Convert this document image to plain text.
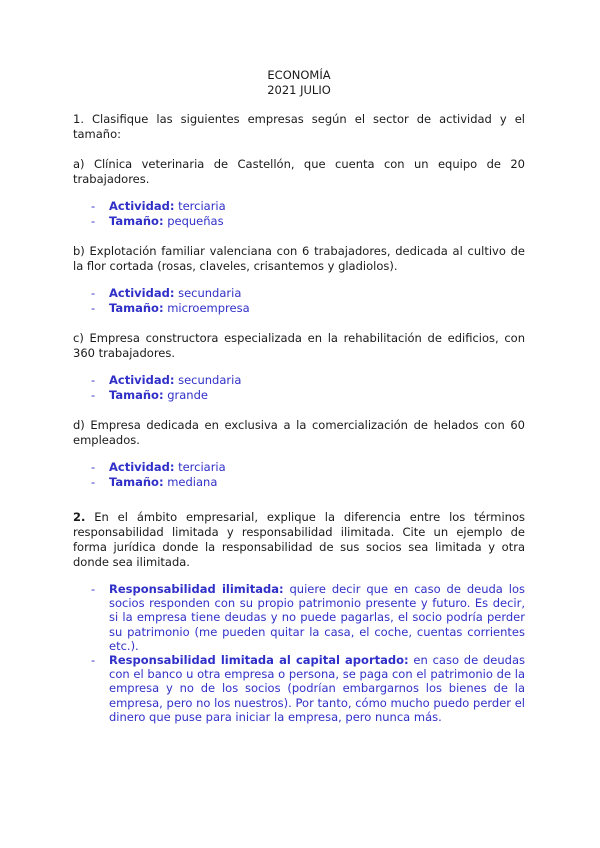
ECONOMÍA
2021 JULIO

1. Clasifique las siguientes empresas según el sector de actividad y el tamaño:

a) Clínica veterinaria de Castellón, que cuenta con un equipo de 20 trabajadores.

- Actividad: terciaria
- Tamaño: pequeñas

b) Explotación familiar valenciana con 6 trabajadores, dedicada al cultivo de la flor cortada (rosas, claveles, crisantemos y gladiolos).

- Actividad: secundaria
- Tamaño: microempresa

c) Empresa constructora especializada en la rehabilitación de edificios, con 360 trabajadores.

- Actividad: secundaria
- Tamaño: grande

d) Empresa dedicada en exclusiva a la comercialización de helados con 60 empleados.

- Actividad: terciaria
- Tamaño: mediana

2. En el ámbito empresarial, explique la diferencia entre los términos responsabilidad limitada y responsabilidad ilimitada. Cite un ejemplo de forma jurídica donde la responsabilidad de sus socios sea limitada y otra donde sea ilimitada.

- Responsabilidad ilimitada: quiere decir que en caso de deuda los socios responden con su propio patrimonio presente y futuro. Es decir, si la empresa tiene deudas y no puede pagarlas, el socio podría perder su patrimonio (me pueden quitar la casa, el coche, cuentas corrientes etc.).
- Responsabilidad limitada al capital aportado: en caso de deudas con el banco u otra empresa o persona, se paga con el patrimonio de la empresa y no de los socios (podrían embargarnos los bienes de la empresa, pero no los nuestros). Por tanto, cómo mucho puedo perder el dinero que puse para iniciar la empresa, pero nunca más.
